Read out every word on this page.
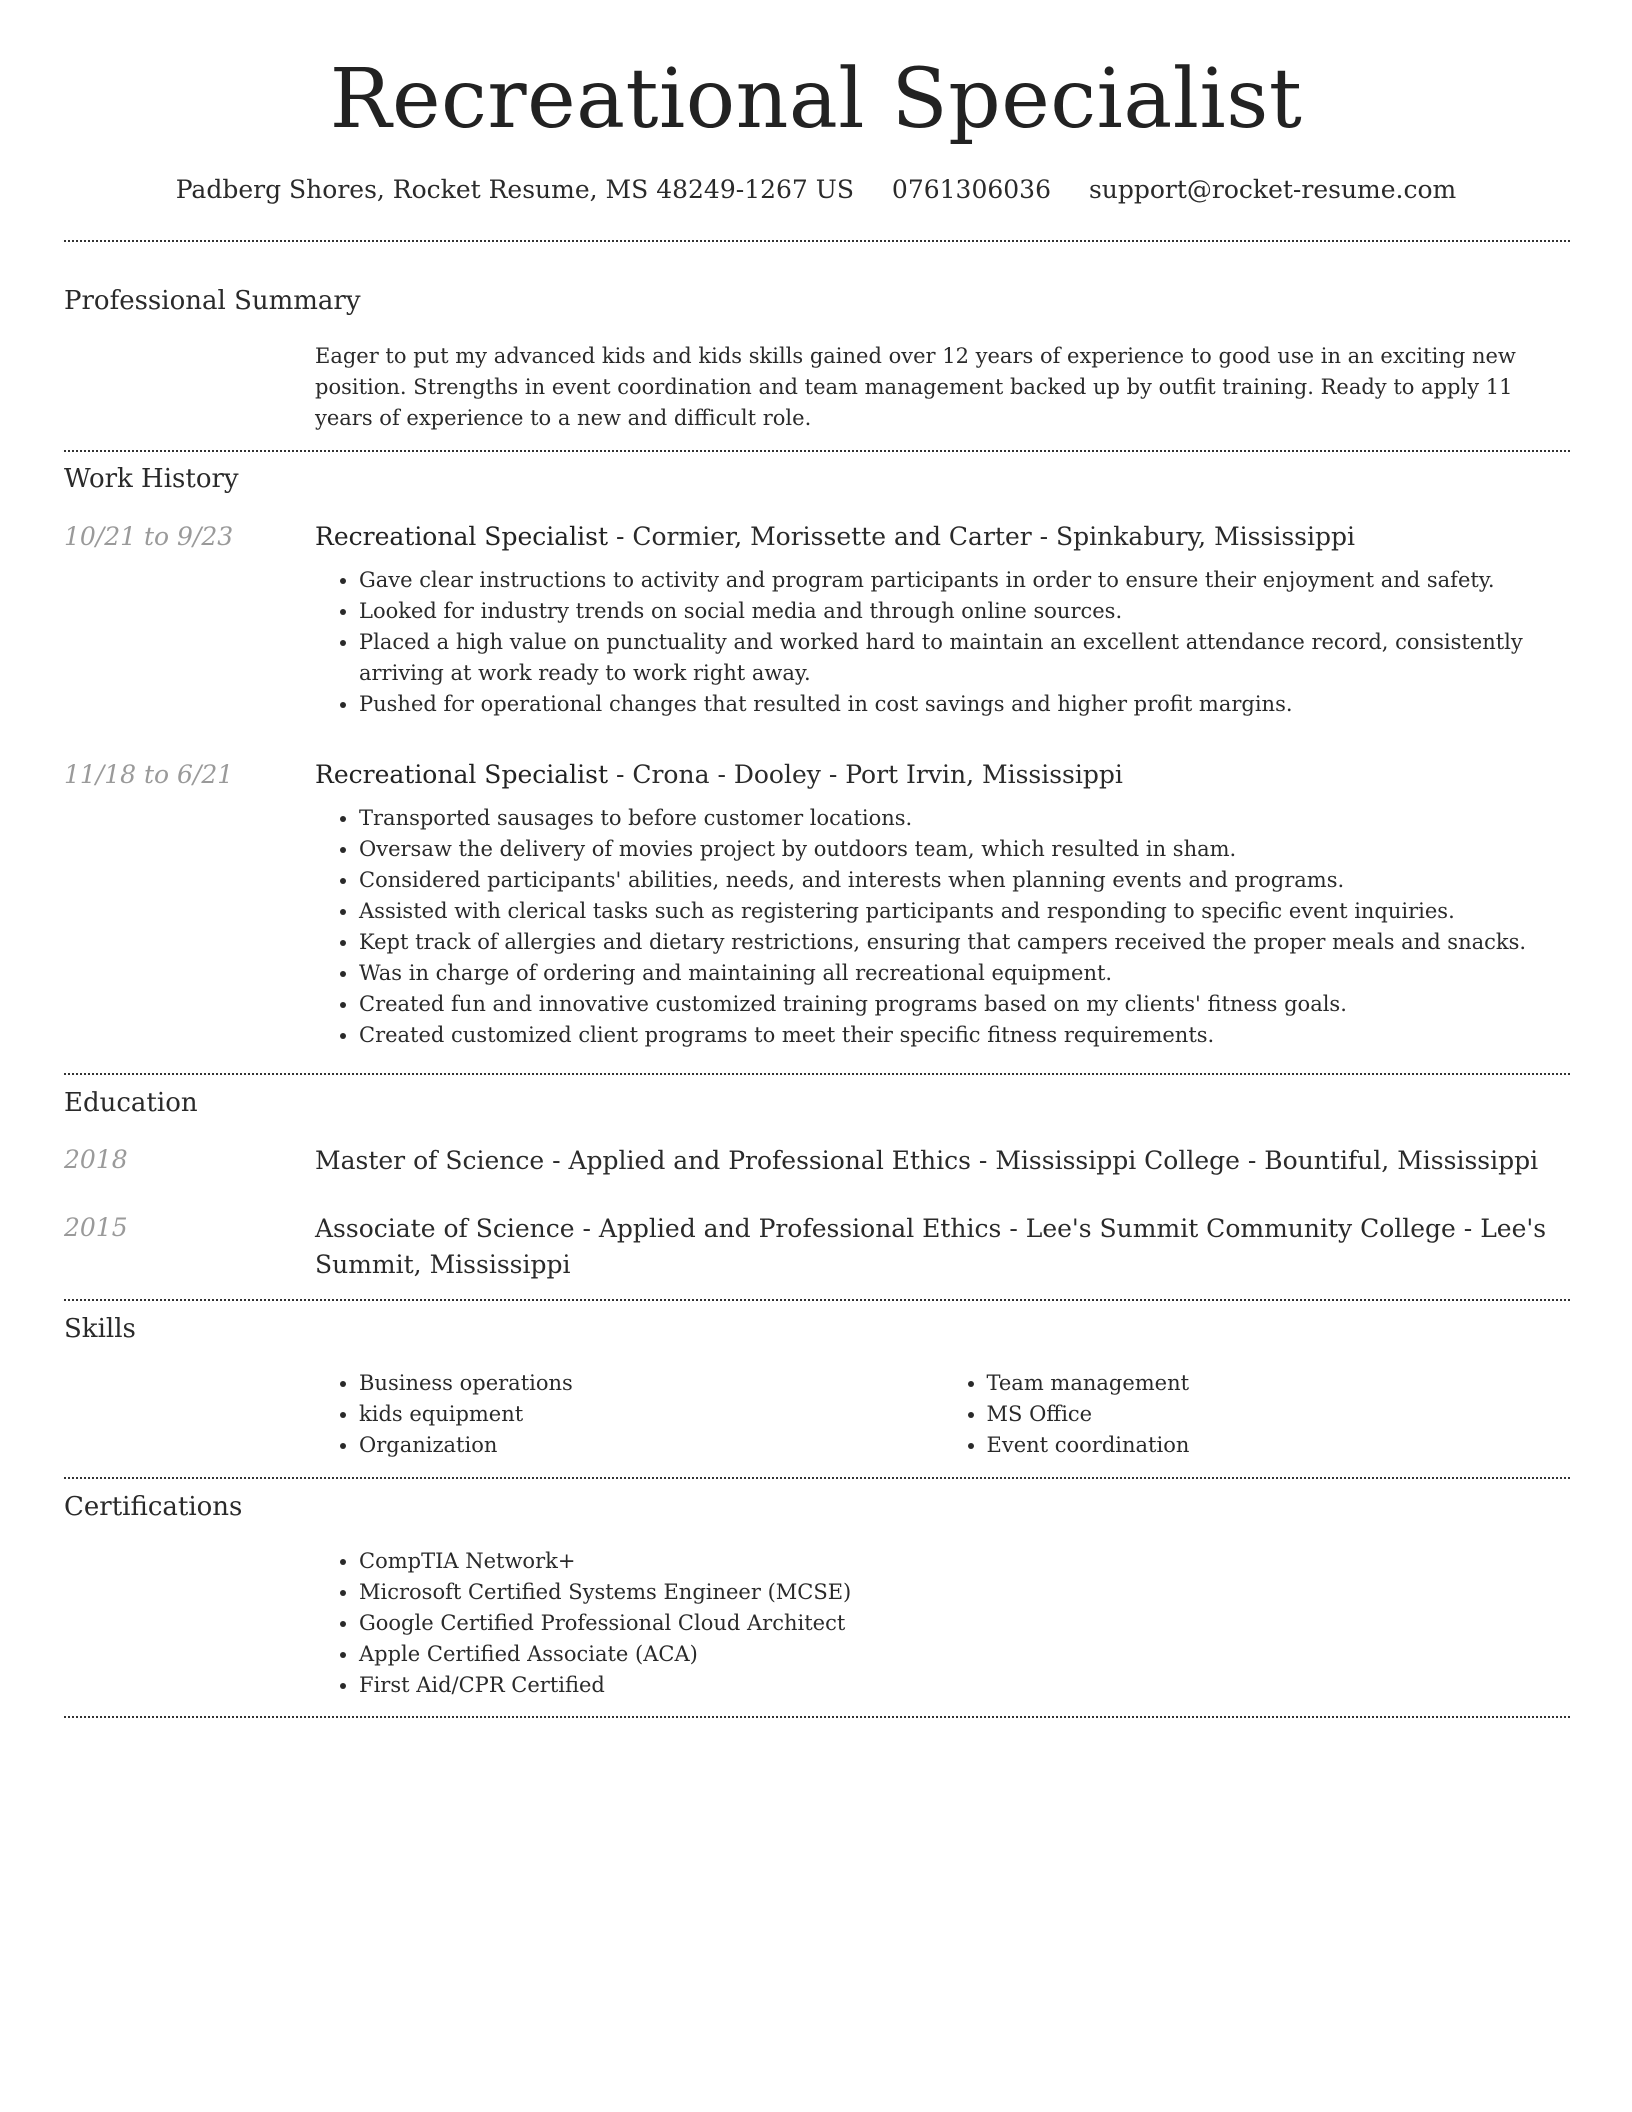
Recreational Specialist
Padberg Shores, Rocket Resume, MS 48249-1267 US 0761306036 support@rocket-resume.com
Professional Summary

Eager to put my advanced kids and kids skills gained over 12 years of experience to good use in an exciting new position. Strengths in event coordination and team management backed up by outfit training. Ready to apply 11 years of experience to a new and difficult role.

Work History
10/21 to 9/23	Recreational Specialist - Cormier, Morissette and Carter - Spinkabury, Mississippi

• Gave clear instructions to activity and program participants in order to ensure their enjoyment and safety.
• Looked for industry trends on social media and through online sources.
• Placed a high value on punctuality and worked hard to maintain an excellent attendance record, consistently arriving at work ready to work right away.
• Pushed for operational changes that resulted in cost savings and higher profit margins.
11/18 to 6/21	Recreational Specialist - Crona - Dooley - Port Irvin, Mississippi

• Transported sausages to before customer locations.
• Oversaw the delivery of movies project by outdoors team, which resulted in sham.
• Considered participants' abilities, needs, and interests when planning events and programs.
• Assisted with clerical tasks such as registering participants and responding to specific event inquiries.
• Kept track of allergies and dietary restrictions, ensuring that campers received the proper meals and snacks.
• Was in charge of ordering and maintaining all recreational equipment.
• Created fun and innovative customized training programs based on my clients' fitness goals.
• Created customized client programs to meet their specific fitness requirements.
Education
2018	Master of Science - Applied and Professional Ethics - Mississippi College - Bountiful, Mississippi

2015	Associate of Science - Applied and Professional Ethics - Lee's Summit Community College - Lee's Summit, Mississippi

Skills
• Business operations
• kids equipment
• Organization
• Team management
• MS Office
• Event coordination
Certifications
• CompTIA Network+
• Microsoft Certified Systems Engineer (MCSE)
• Google Certified Professional Cloud Architect
• Apple Certified Associate (ACA)
• First Aid/CPR Certified
